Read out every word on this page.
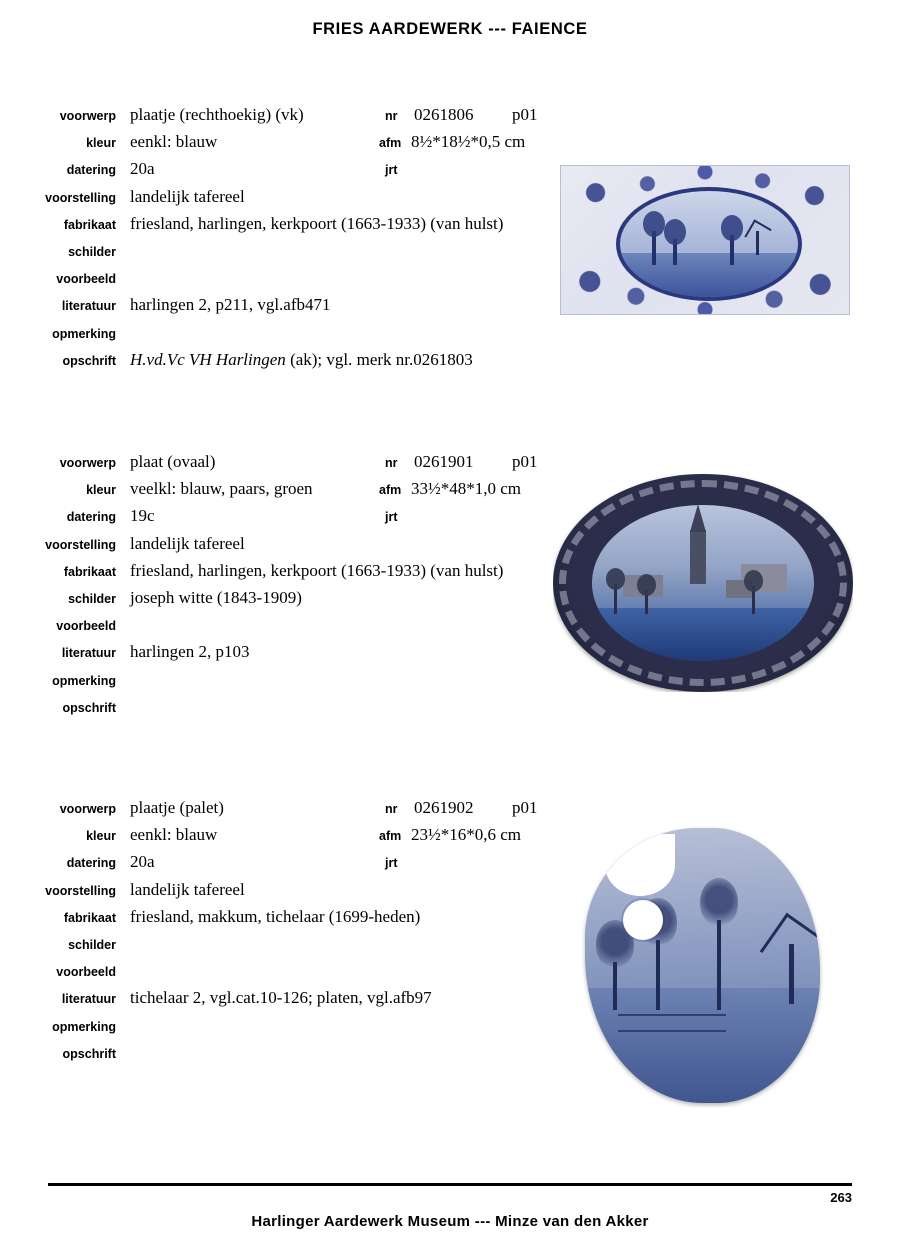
FRIES AARDEWERK --- FAIENCE
voorwerp plaatje (rechthoekig) (vk)	nr 0261806 p01
kleur eenkl: blauw	afm 8½*18½*0,5 cm
datering 20a	jrt
voorstelling landelijk tafereel
fabrikaat friesland, harlingen, kerkpoort (1663-1933) (van hulst)
schilder
voorbeeld
literatuur harlingen 2, p211, vgl.afb471
opmerking
opschrift H.vd.Vc VH Harlingen (ak); vgl. merk nr.0261803
voorwerp plaat (ovaal)	nr 0261901 p01
kleur veelkl: blauw, paars, groen	afm 33½*48*1,0 cm
datering 19c	jrt
voorstelling landelijk tafereel
fabrikaat friesland, harlingen, kerkpoort (1663-1933) (van hulst)
schilder joseph witte (1843-1909)
voorbeeld
literatuur harlingen 2, p103
opmerking
opschrift
voorwerp plaatje (palet)	nr 0261902 p01
kleur eenkl: blauw	afm 23½*16*0,6 cm
datering 20a	jrt
voorstelling landelijk tafereel
fabrikaat friesland, makkum, tichelaar (1699-heden)
schilder
voorbeeld
literatuur tichelaar 2, vgl.cat.10-126; platen, vgl.afb97
opmerking
opschrift
263
Harlinger Aardewerk Museum --- Minze van den Akker
